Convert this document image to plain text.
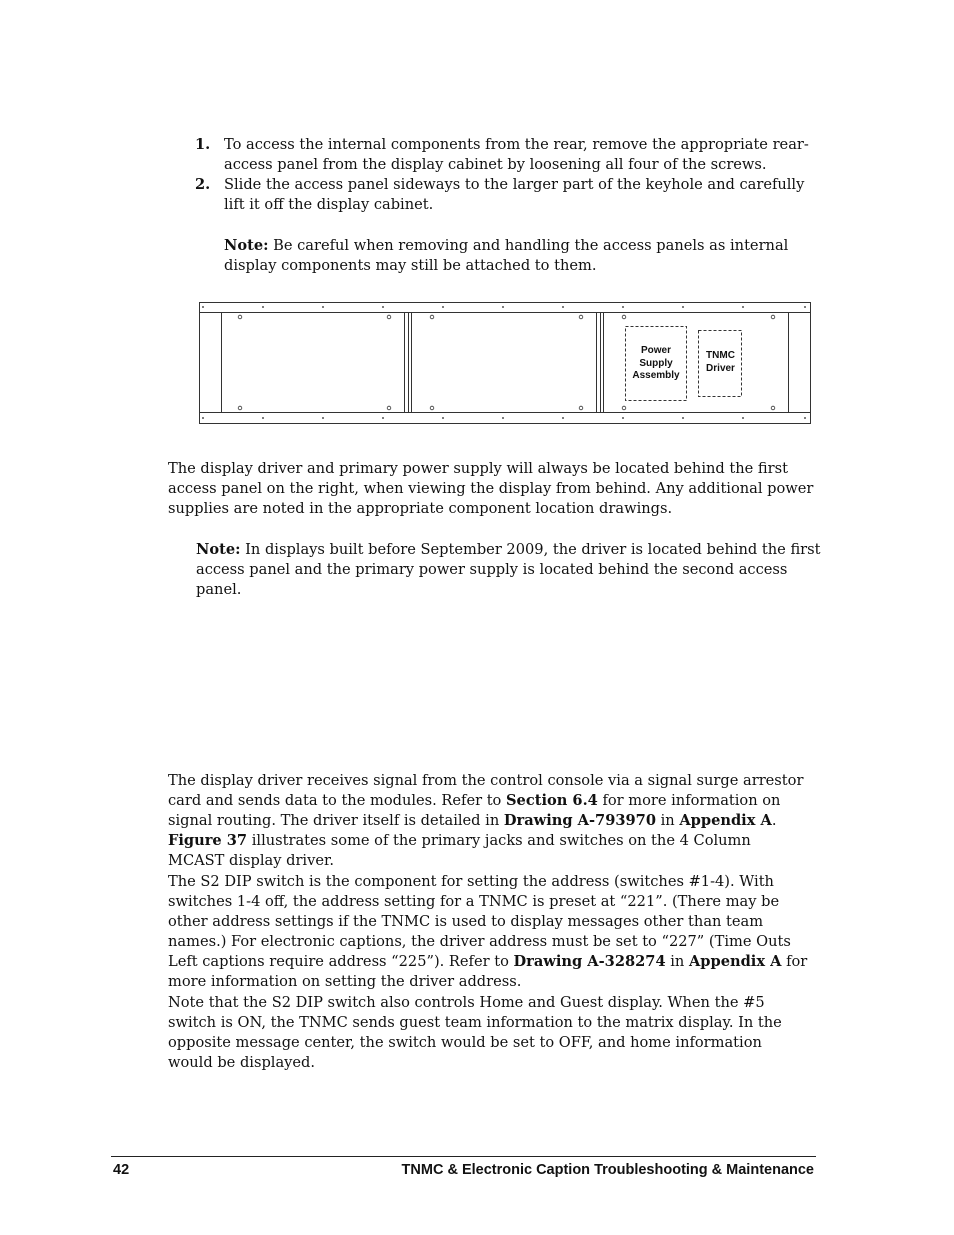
1. To access the internal components from the rear, remove the appropriate rear-access panel from the display cabinet by loosening all four of the screws.

2. Slide the access panel sideways to the larger part of the keyhole and carefully lift it off the display cabinet.

Note: Be careful when removing and handling the access panels as internal display components may still be attached to them.

Power
Supply
Assembly
TNMC
Driver

The display driver and primary power supply will always be located behind the first access panel on the right, when viewing the display from behind. Any additional power supplies are noted in the appropriate component location drawings.

Note: In displays built before September 2009, the driver is located behind the first access panel and the primary power supply is located behind the second access panel.

The display driver receives signal from the control console via a signal surge arrestor card and sends data to the modules. Refer to Section 6.4 for more information on signal routing. The driver itself is detailed in Drawing A-793970 in Appendix A. Figure 37 illustrates some of the primary jacks and switches on the 4 Column MCAST display driver.

The S2 DIP switch is the component for setting the address (switches #1-4). With switches 1-4 off, the address setting for a TNMC is preset at “221”. (There may be other address settings if the TNMC is used to display messages other than team names.) For electronic captions, the driver address must be set to “227” (Time Outs Left captions require address “225”). Refer to Drawing A-328274 in Appendix A for more information on setting the driver address.

Note that the S2 DIP switch also controls Home and Guest display. When the #5 switch is ON, the TNMC sends guest team information to the matrix display. In the opposite message center, the switch would be set to OFF, and home information would be displayed.

42	TNMC & Electronic Caption Troubleshooting & Maintenance
